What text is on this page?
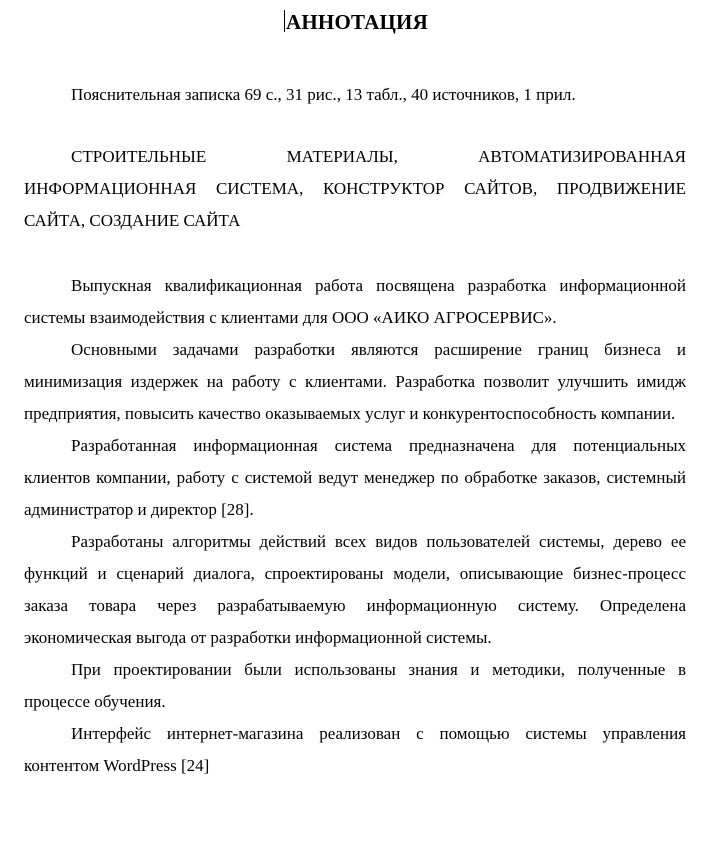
АННОТАЦИЯ

Пояснительная записка 69 с., 31 рис., 13 табл., 40 источников, 1 прил.

СТРОИТЕЛЬНЫЕ МАТЕРИАЛЫ, АВТОМАТИЗИРОВАННАЯ ИНФОРМАЦИОННАЯ СИСТЕМА, КОНСТРУКТОР САЙТОВ, ПРОДВИЖЕНИЕ САЙТА, СОЗДАНИЕ САЙТА

Выпускная квалификационная работа посвящена разработка информационной системы взаимодействия с клиентами для ООО «АИКО АГРОСЕРВИС».

Основными задачами разработки являются расширение границ бизнеса и минимизация издержек на работу с клиентами. Разработка позволит улучшить имидж предприятия, повысить качество оказываемых услуг и конкурентоспособность компании.

Разработанная информационная система предназначена для потенциальных клиентов компании, работу с системой ведут менеджер по обработке заказов, системный администратор и директор [28].

Разработаны алгоритмы действий всех видов пользователей системы, дерево ее функций и сценарий диалога, спроектированы модели, описывающие бизнес-процесс заказа товара через разрабатываемую информационную систему. Определена экономическая выгода от разработки информационной системы.

При проектировании были использованы знания и методики, полученные в процессе обучения.

Интерфейс интернет-магазина реализован с помощью системы управления контентом WordPress [24]
